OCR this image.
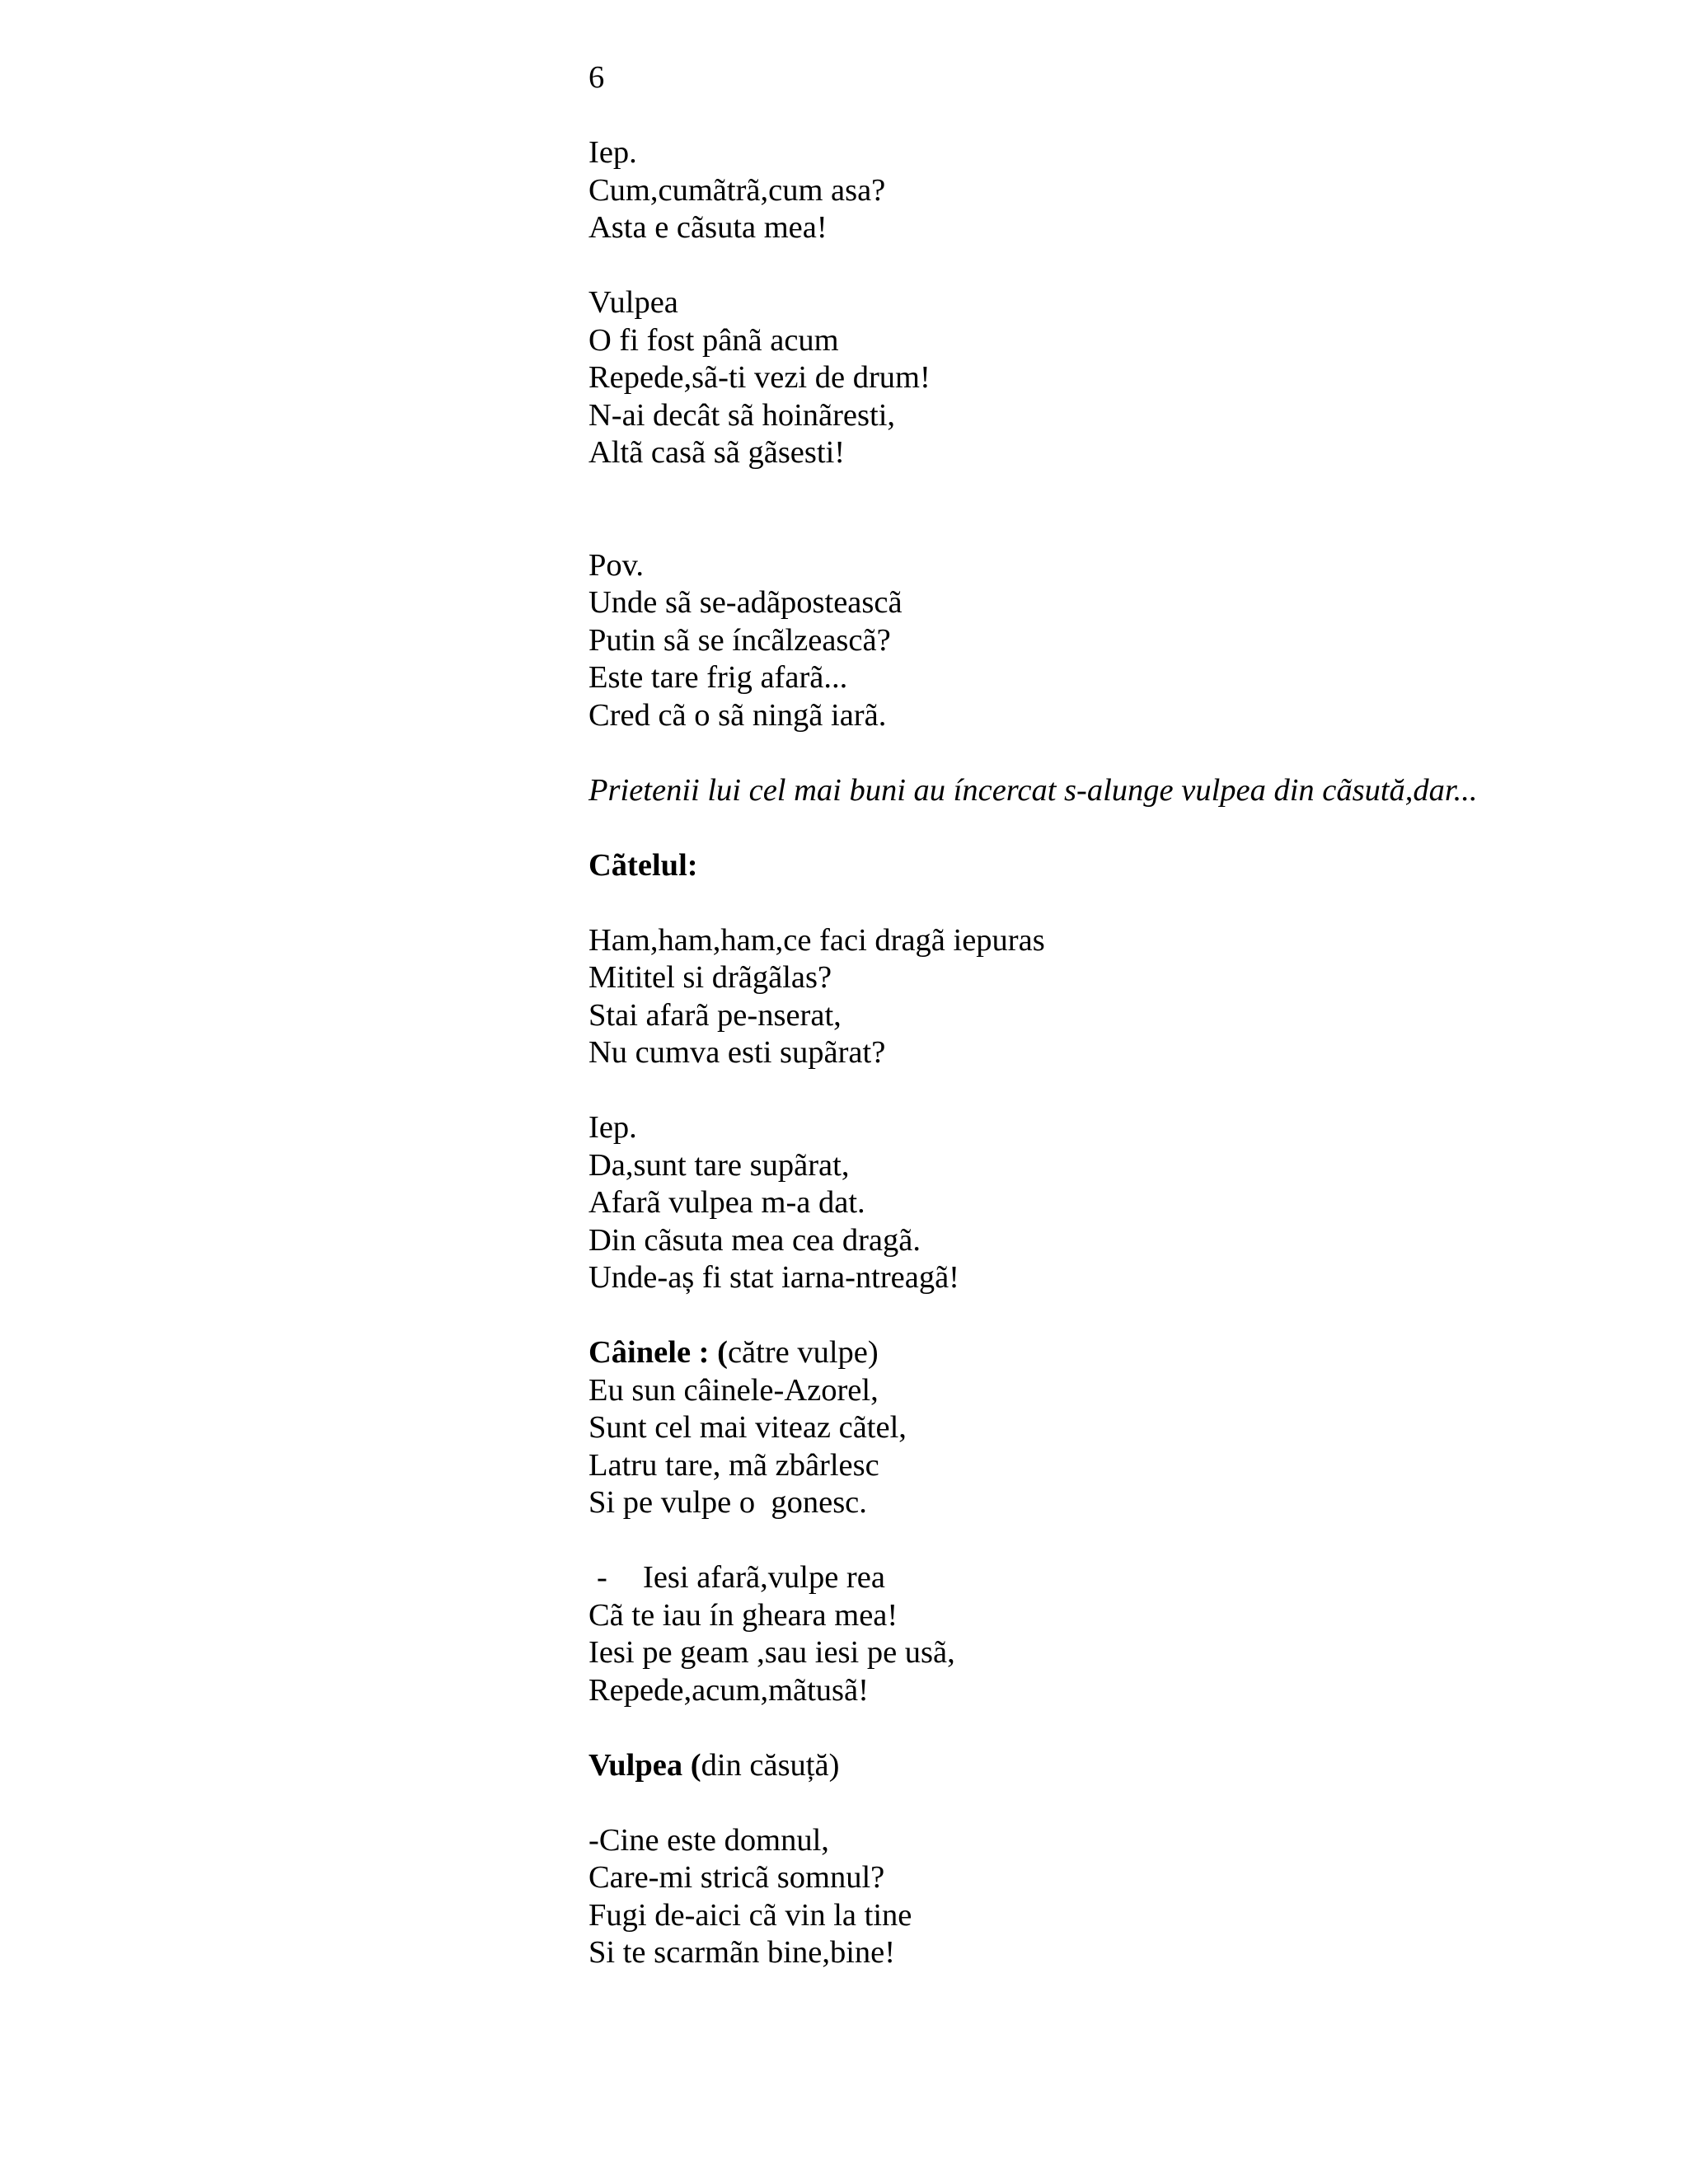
6
Iep.
Cum,cumãtrã,cum asa?
Asta e cãsuta mea!
Vulpea
O fi fost pânã acum
Repede,sã-ti vezi de drum!
N-ai decât sã hoinãresti,
Altã casã sã gãsesti!
Pov.
Unde sã se-adãposteascã
Putin sã se íncãlzeascã?
Este tare frig afarã...
Cred cã o sã ningã iarã.
Prietenii lui cel mai buni au íncercat s-alunge vulpea din cãsută,dar...
Cãtelul:
Ham,ham,ham,ce faci dragã iepuras
Mititel si drãgãlas?
Stai afarã pe-nserat,
Nu cumva esti supãrat?
Iep.
Da,sunt tare supãrat,
Afarã vulpea m-a dat.
Din cãsuta mea cea dragã.
Unde-aș fi stat iarna-ntreagã!
Câinele : (către vulpe)
Eu sun câinele-Azorel,
Sunt cel mai viteaz cãtel,
Latru tare, mã zbârlesc
Si pe vulpe o  gonesc.
- Iesi afarã,vulpe rea
Cã te iau ín gheara mea!
Iesi pe geam ,sau iesi pe usã,
Repede,acum,mãtusã!
Vulpea (din căsuță)
-Cine este domnul,
Care-mi stricã somnul?
Fugi de-aici cã vin la tine
Si te scarmãn bine,bine!
